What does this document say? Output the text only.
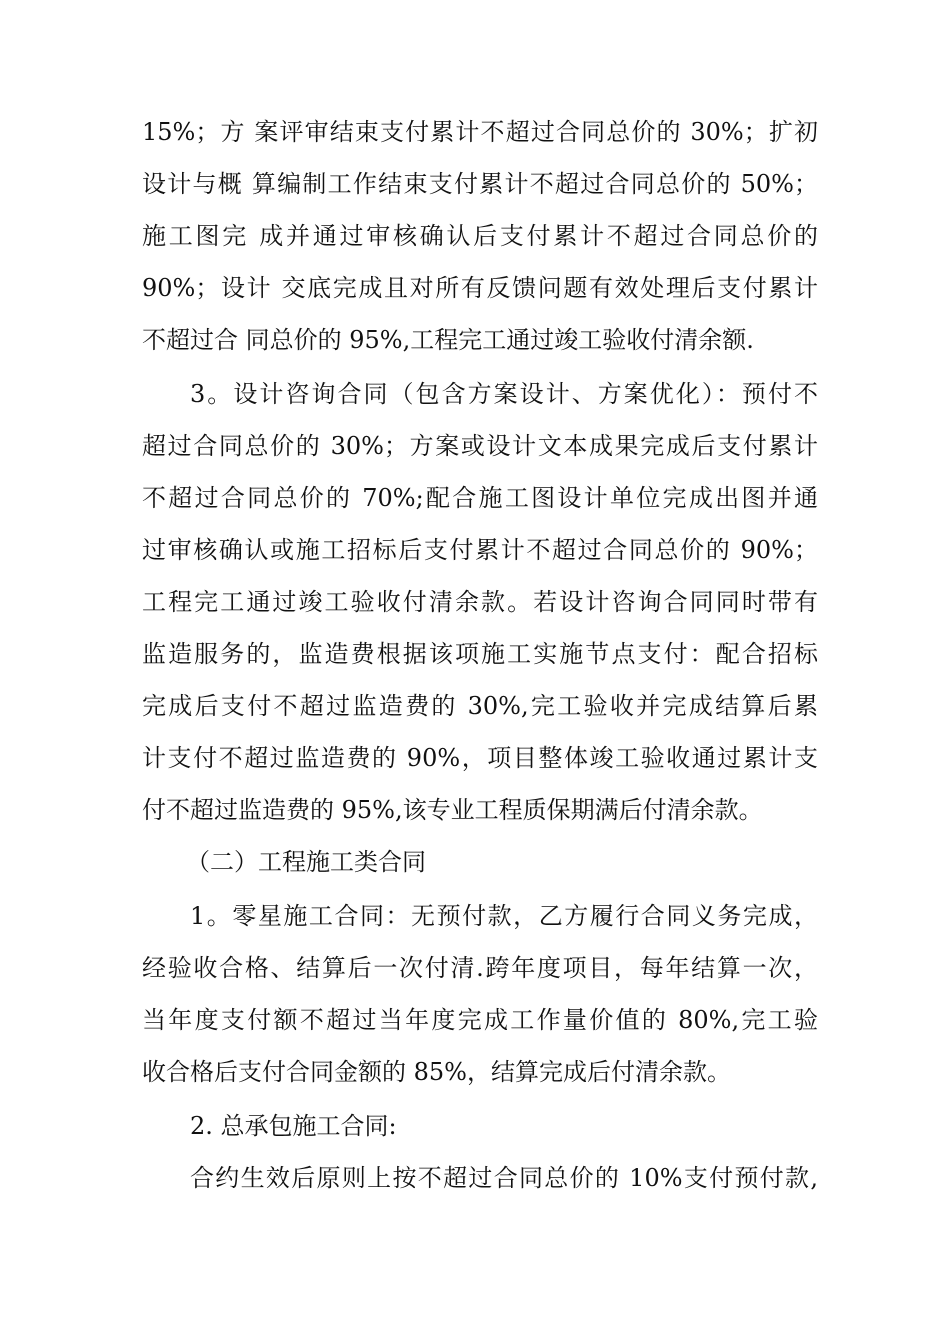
15%；方 案评审结束支付累计不超过合同总价的 30%；扩初
设计与概 算编制工作结束支付累计不超过合同总价的 50%；
施工图完 成并通过审核确认后支付累计不超过合同总价的
90%；设计 交底完成且对所有反馈问题有效处理后支付累计
不超过合 同总价的 95%,工程完工通过竣工验收付清余额.
3。设计咨询合同（包含方案设计、方案优化）：预付不
超过合同总价的 30%；方案或设计文本成果完成后支付累计
不超过合同总价的 70%;配合施工图设计单位完成出图并通
过审核确认或施工招标后支付累计不超过合同总价的 90%；
工程完工通过竣工验收付清余款。若设计咨询合同同时带有
监造服务的，监造费根据该项施工实施节点支付：配合招标
完成后支付不超过监造费的 30%,完工验收并完成结算后累
计支付不超过监造费的 90%，项目整体竣工验收通过累计支
付不超过监造费的 95%,该专业工程质保期满后付清余款。
（二）工程施工类合同
1。零星施工合同：无预付款，乙方履行合同义务完成，
经验收合格、结算后一次付清.跨年度项目，每年结算一次，
当年度支付额不超过当年度完成工作量价值的 80%,完工验
收合格后支付合同金额的 85%，结算完成后付清余款。
2. 总承包施工合同:
合约生效后原则上按不超过合同总价的 10%支付预付款,
